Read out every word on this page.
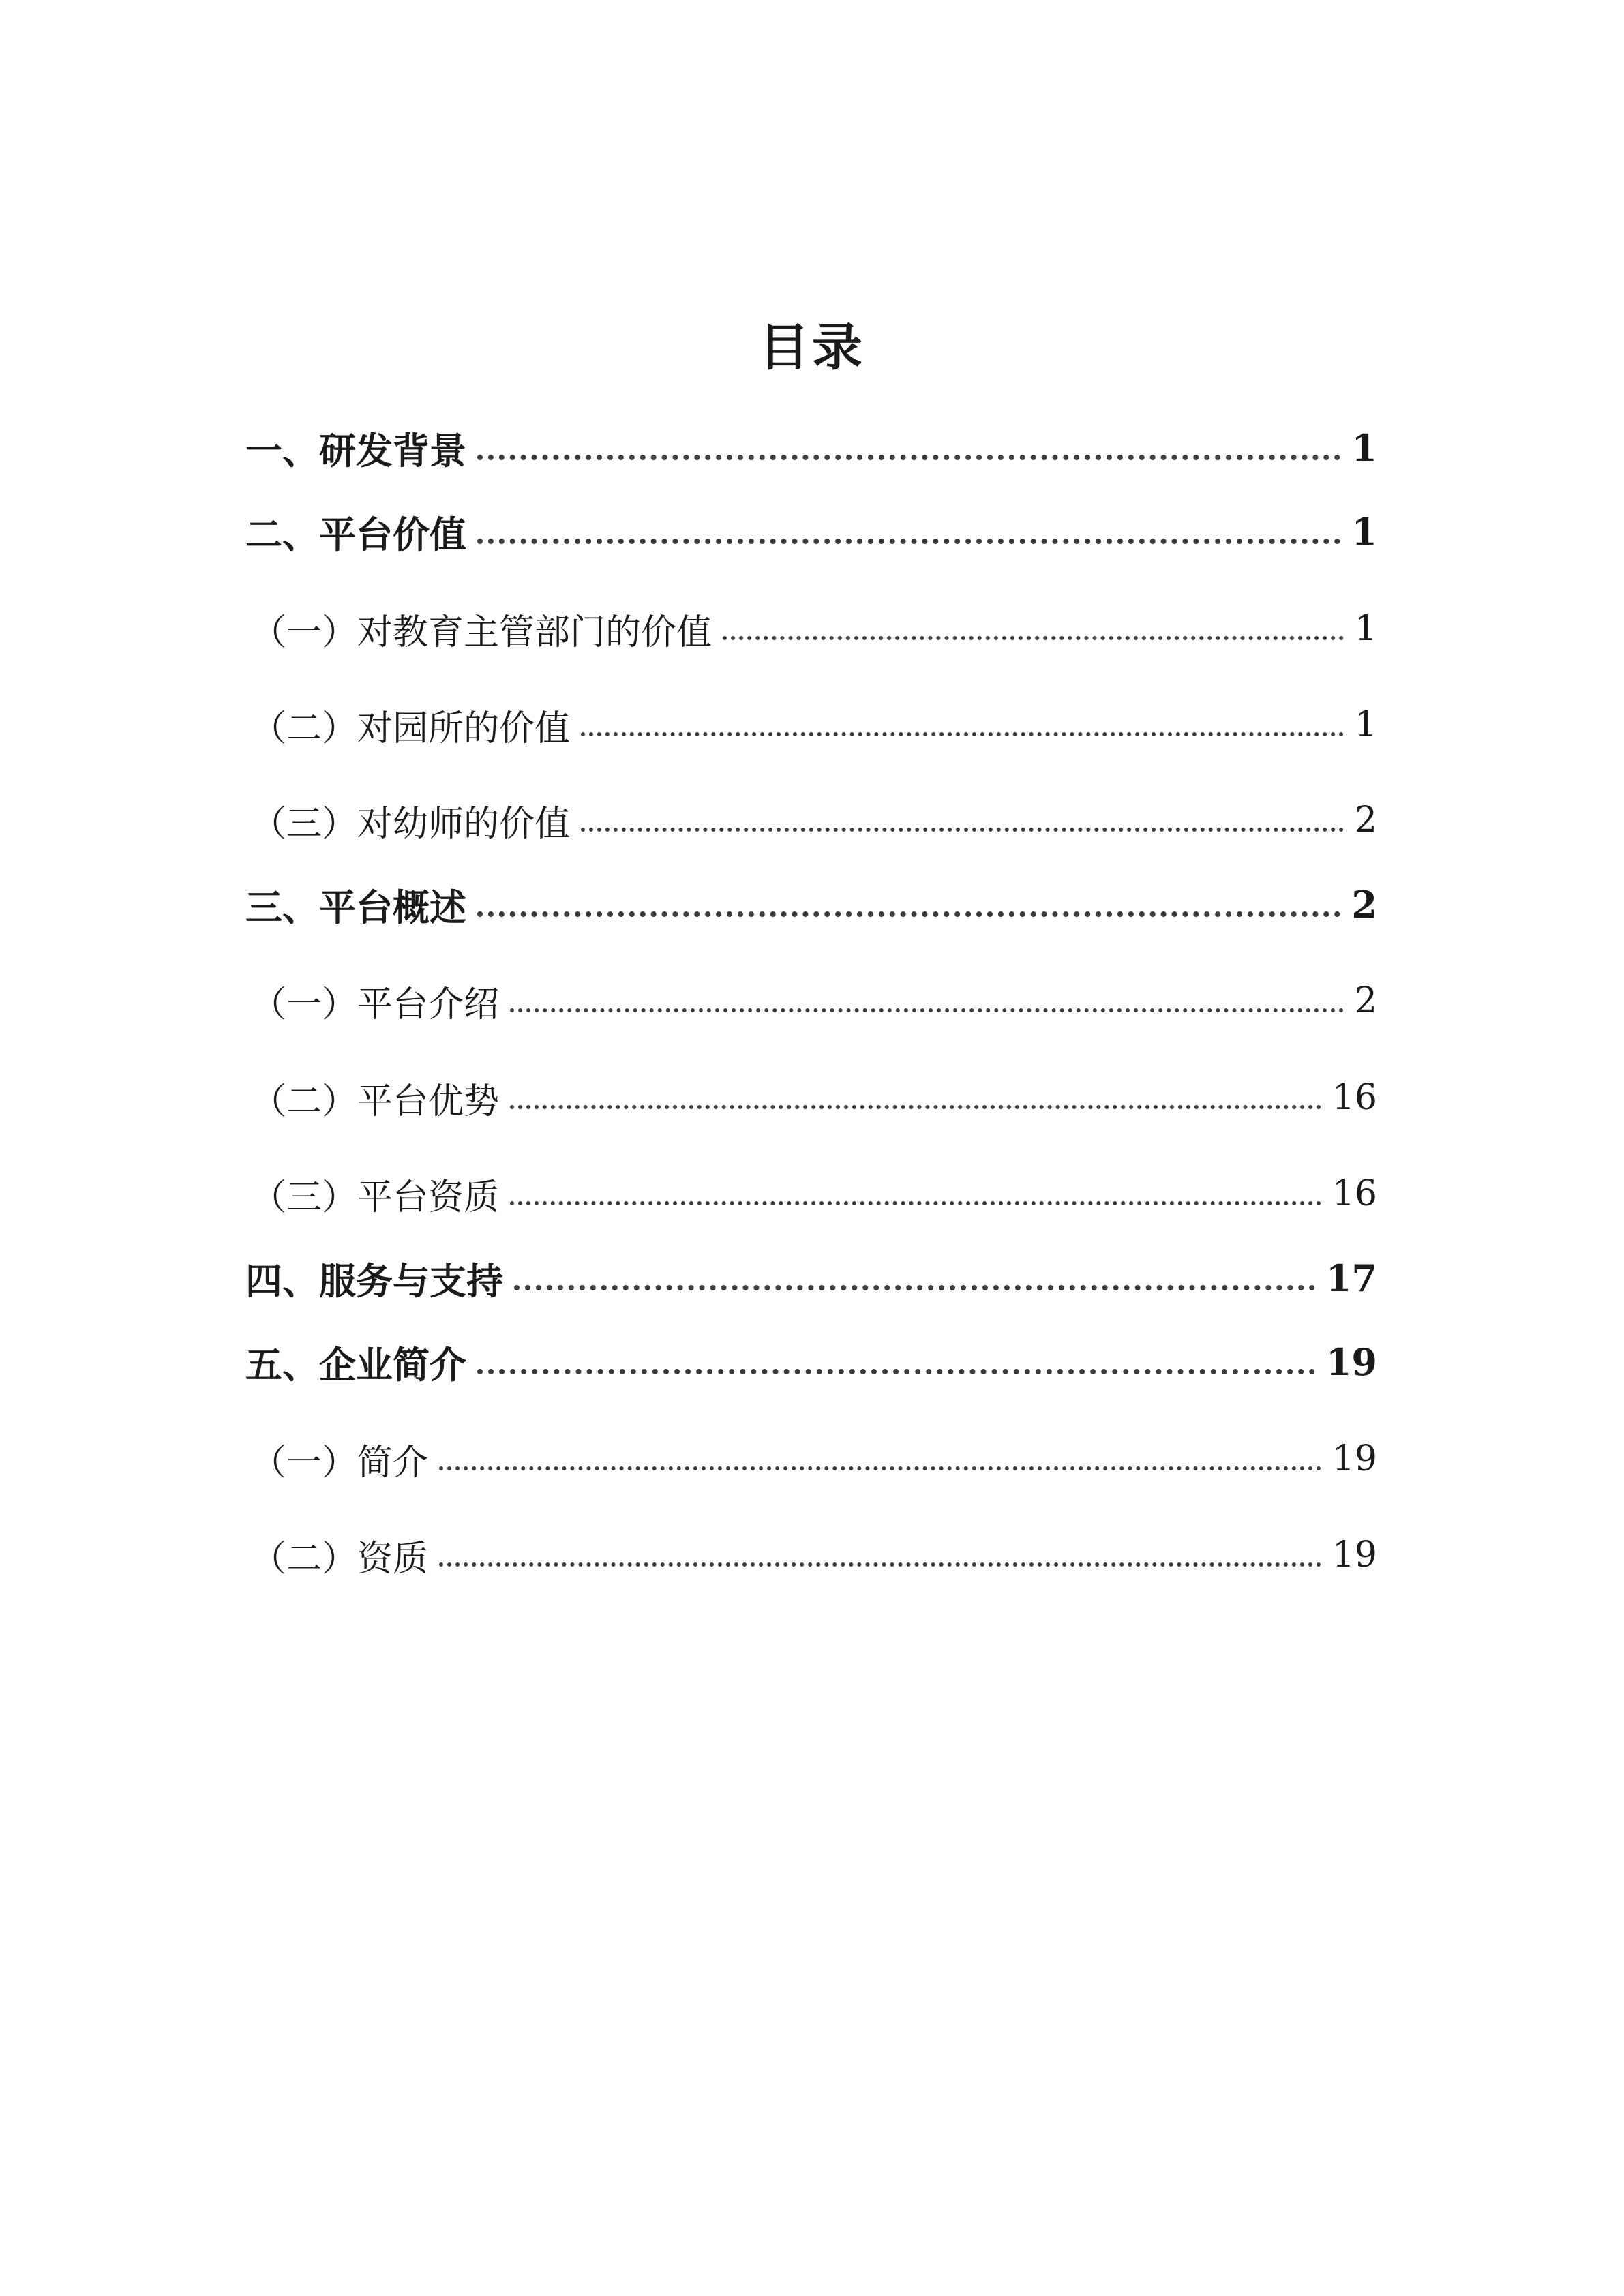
目录
一、研发背景	1
二、平台价值	1
（一）对教育主管部门的价值	1
（二）对园所的价值	1
（三）对幼师的价值	2
三、平台概述	2
（一）平台介绍	2
（二）平台优势	16
（三）平台资质	16
四、服务与支持	17
五、企业简介	19
（一）简介	19
（二）资质	19
